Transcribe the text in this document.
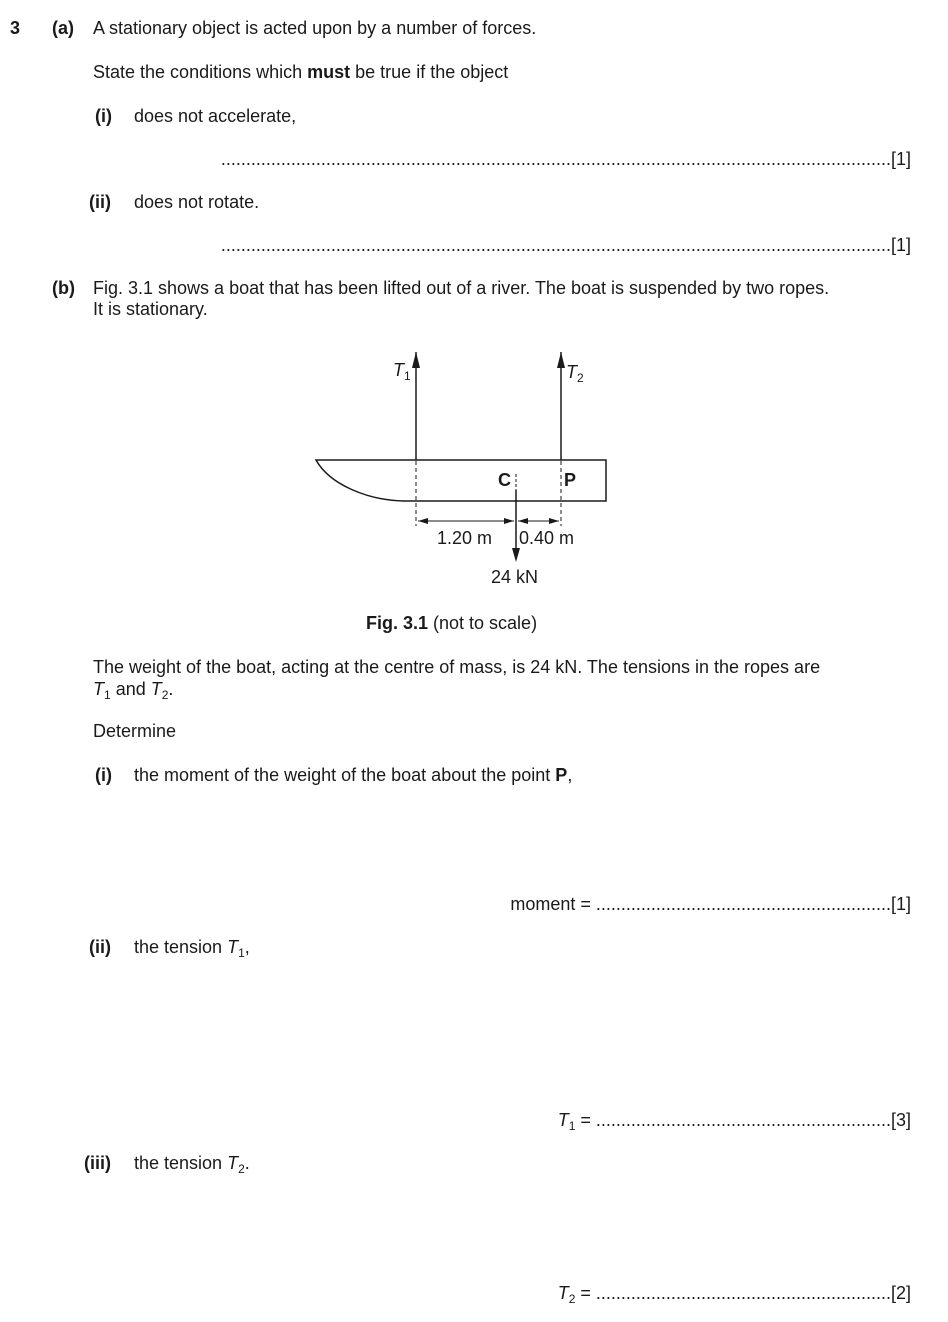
3 (a) A stationary object is acted upon by a number of forces.
State the conditions which must be true if the object
(i) does not accelerate,
......................................................................................................................................[1]
(ii) does not rotate.
......................................................................................................................................[1]
(b) Fig. 3.1 shows a boat that has been lifted out of a river. The boat is suspended by two ropes.
It is stationary.
$T_1$	$T_2$
C	P
1.20 m 0.40 m
24 kN
Fig. 3.1 (not to scale)
The weight of the boat, acting at the centre of mass, is 24 kN. The tensions in the ropes are
$T_1$ and $T_2$.
Determine
(i) the moment of the weight of the boat about the point P,
moment = ...........................................................[1]
(ii) the tension $T_1$,
$T_1 = ...........................................................[3]$
(iii) the tension $T_2$.
$T_2 = ...........................................................[2]$
